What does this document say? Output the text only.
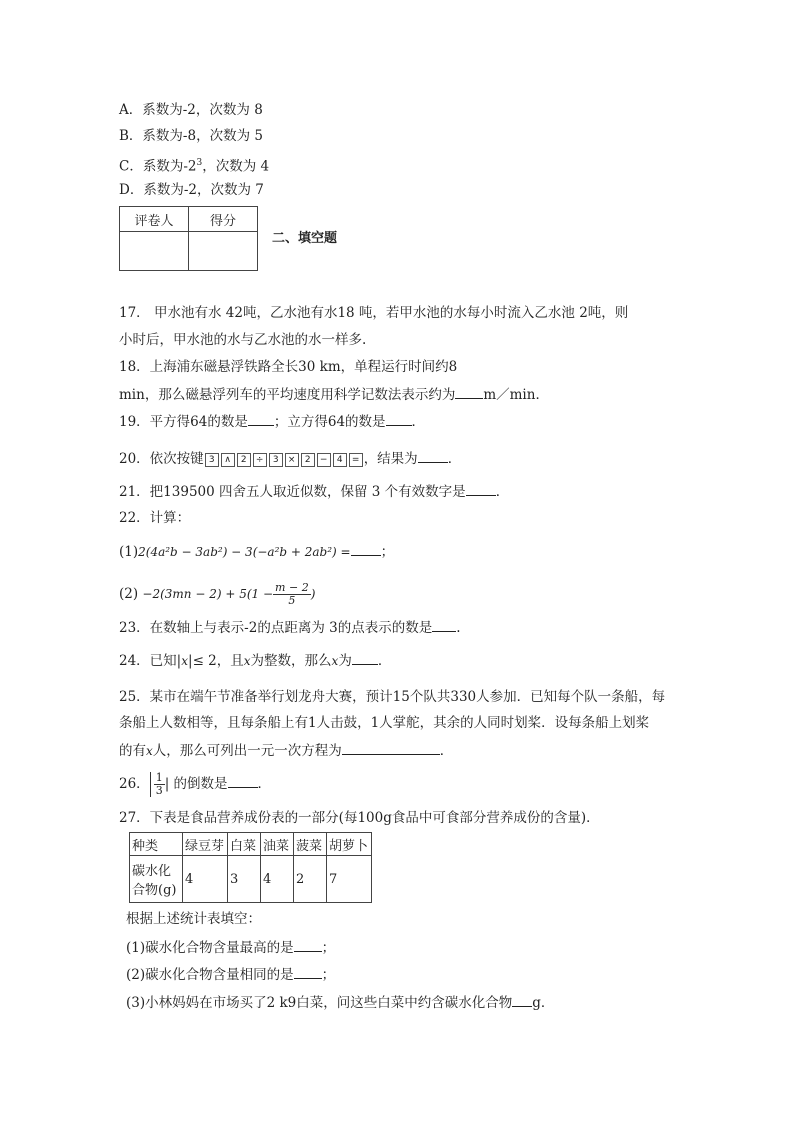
A．系数为-2，次数为 8
B．系数为-8，次数为 5
C．系数为$-2^3$，次数为 4
D．系数为-2，次数为 7
评卷人	得分

二、填空题
17． 甲水池有水 42吨，乙水池有水18 吨，若甲水池的水每小时流入乙水池 2吨，则
小时后，甲水池的水与乙水池的水一样多.
18．上海浦东磁悬浮铁路全长30 km，单程运行时间约8
min，那么磁悬浮列车的平均速度用科学记数法表示约为 m／min．
19．平方得64的数是 ；立方得64的数是 ．
20．依次按键 3 ∧ 2 ÷ 3 × 2 − 4 = ，结果为 ．
21．把139500 四舍五人取近似数，保留 3 个有效数字是 ．
22．计算：
(1)2(4a²b − 3ab²) − 3(−a²b + 2ab²) = ；
$(2) -2(3mn - 2) + 5(1 - \frac{m - 2}{5}$ )
23．在数轴上与表示-2的点距离为 3的点表示的数是 .
24．已知|x|≤ 2，且x为整数，那么x为 ．
25．某市在端午节准备举行划龙舟大赛，预计15个队共330人参加．已知每个队一条船，每
条船上人数相等，且每条船上有1人击鼓，1人掌舵，其余的人同时划桨．设每条船上划桨
的有x人，那么可列出一元一次方程为	．
26． $\frac{1}{3}$ | 的倒数是 ．
27．下表是食品营养成份表的一部分(每100g食品中可食部分营养成份的含量)．
种类	绿豆芽	白菜	油菜	菠菜	胡萝卜
碳水化
合物(g)	4	3	4	2	7
根据上述统计表填空：
(1)碳水化合物含量最高的是 ；
(2)碳水化合物含量相同的是 ；
(3)小林妈妈在市场买了2 k9白菜，问这些白菜中约含碳水化合物 g．
